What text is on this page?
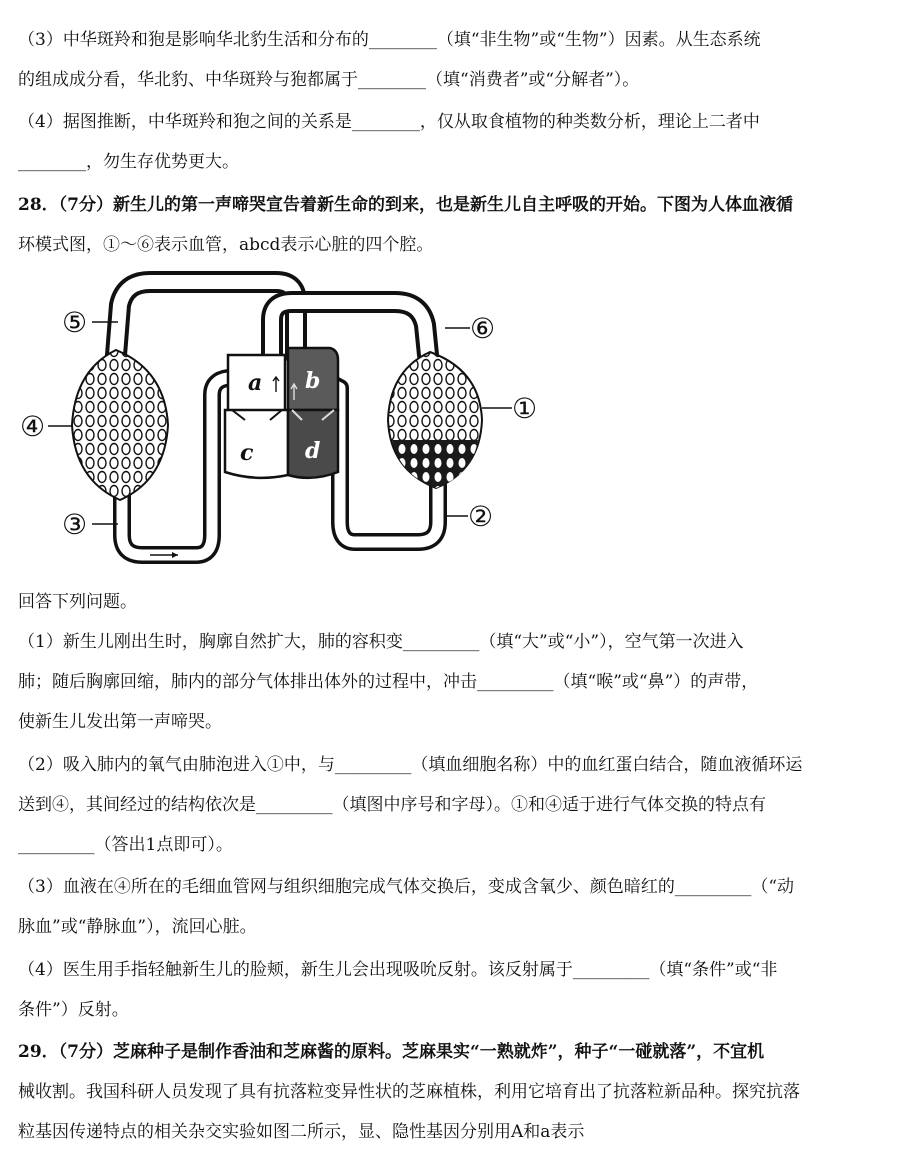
（3）中华斑羚和狍是影响华北豹生活和分布的________（填“非生物”或“生物”）因素。从生态系统
的组成成分看，华北豹、中华斑羚与狍都属于________（填“消费者”或“分解者”）。
（4）据图推断，中华斑羚和狍之间的关系是________，仅从取食植物的种类数分析，理论上二者中
________，勿生存优势更大。
28．（7分）新生儿的第一声啼哭宣告着新生命的到来，也是新生儿自主呼吸的开始。下图为人体血液循
环模式图，①～⑥表示血管，abcd表示心脏的四个腔。
回答下列问题。
（1）新生儿刚出生时，胸廓自然扩大，肺的容积变_________（填“大”或“小”），空气第一次进入
肺；随后胸廓回缩，肺内的部分气体排出体外的过程中，冲击_________（填“喉”或“鼻”）的声带，
使新生儿发出第一声啼哭。
（2）吸入肺内的氧气由肺泡进入①中，与_________（填血细胞名称）中的血红蛋白结合，随血液循环运
送到④，其间经过的结构依次是_________（填图中序号和字母）。①和④适于进行气体交换的特点有
_________（答出1点即可）。
（3）血液在④所在的毛细血管网与组织细胞完成气体交换后，变成含氧少、颜色暗红的_________（“动
脉血”或“静脉血”），流回心脏。
（4）医生用手指轻触新生儿的脸颊，新生儿会出现吸吮反射。该反射属于_________（填“条件”或“非
条件”）反射。
29．（7分）芝麻种子是制作香油和芝麻酱的原料。芝麻果实“一熟就炸”，种子“一碰就落”，不宜机
械收割。我国科研人员发现了具有抗落粒变异性状的芝麻植株，利用它培育出了抗落粒新品种。探究抗落
粒基因传递特点的相关杂交实验如图二所示，显、隐性基因分别用A和a表示
a b
c d
⑤	⑥
④
①
③	②
